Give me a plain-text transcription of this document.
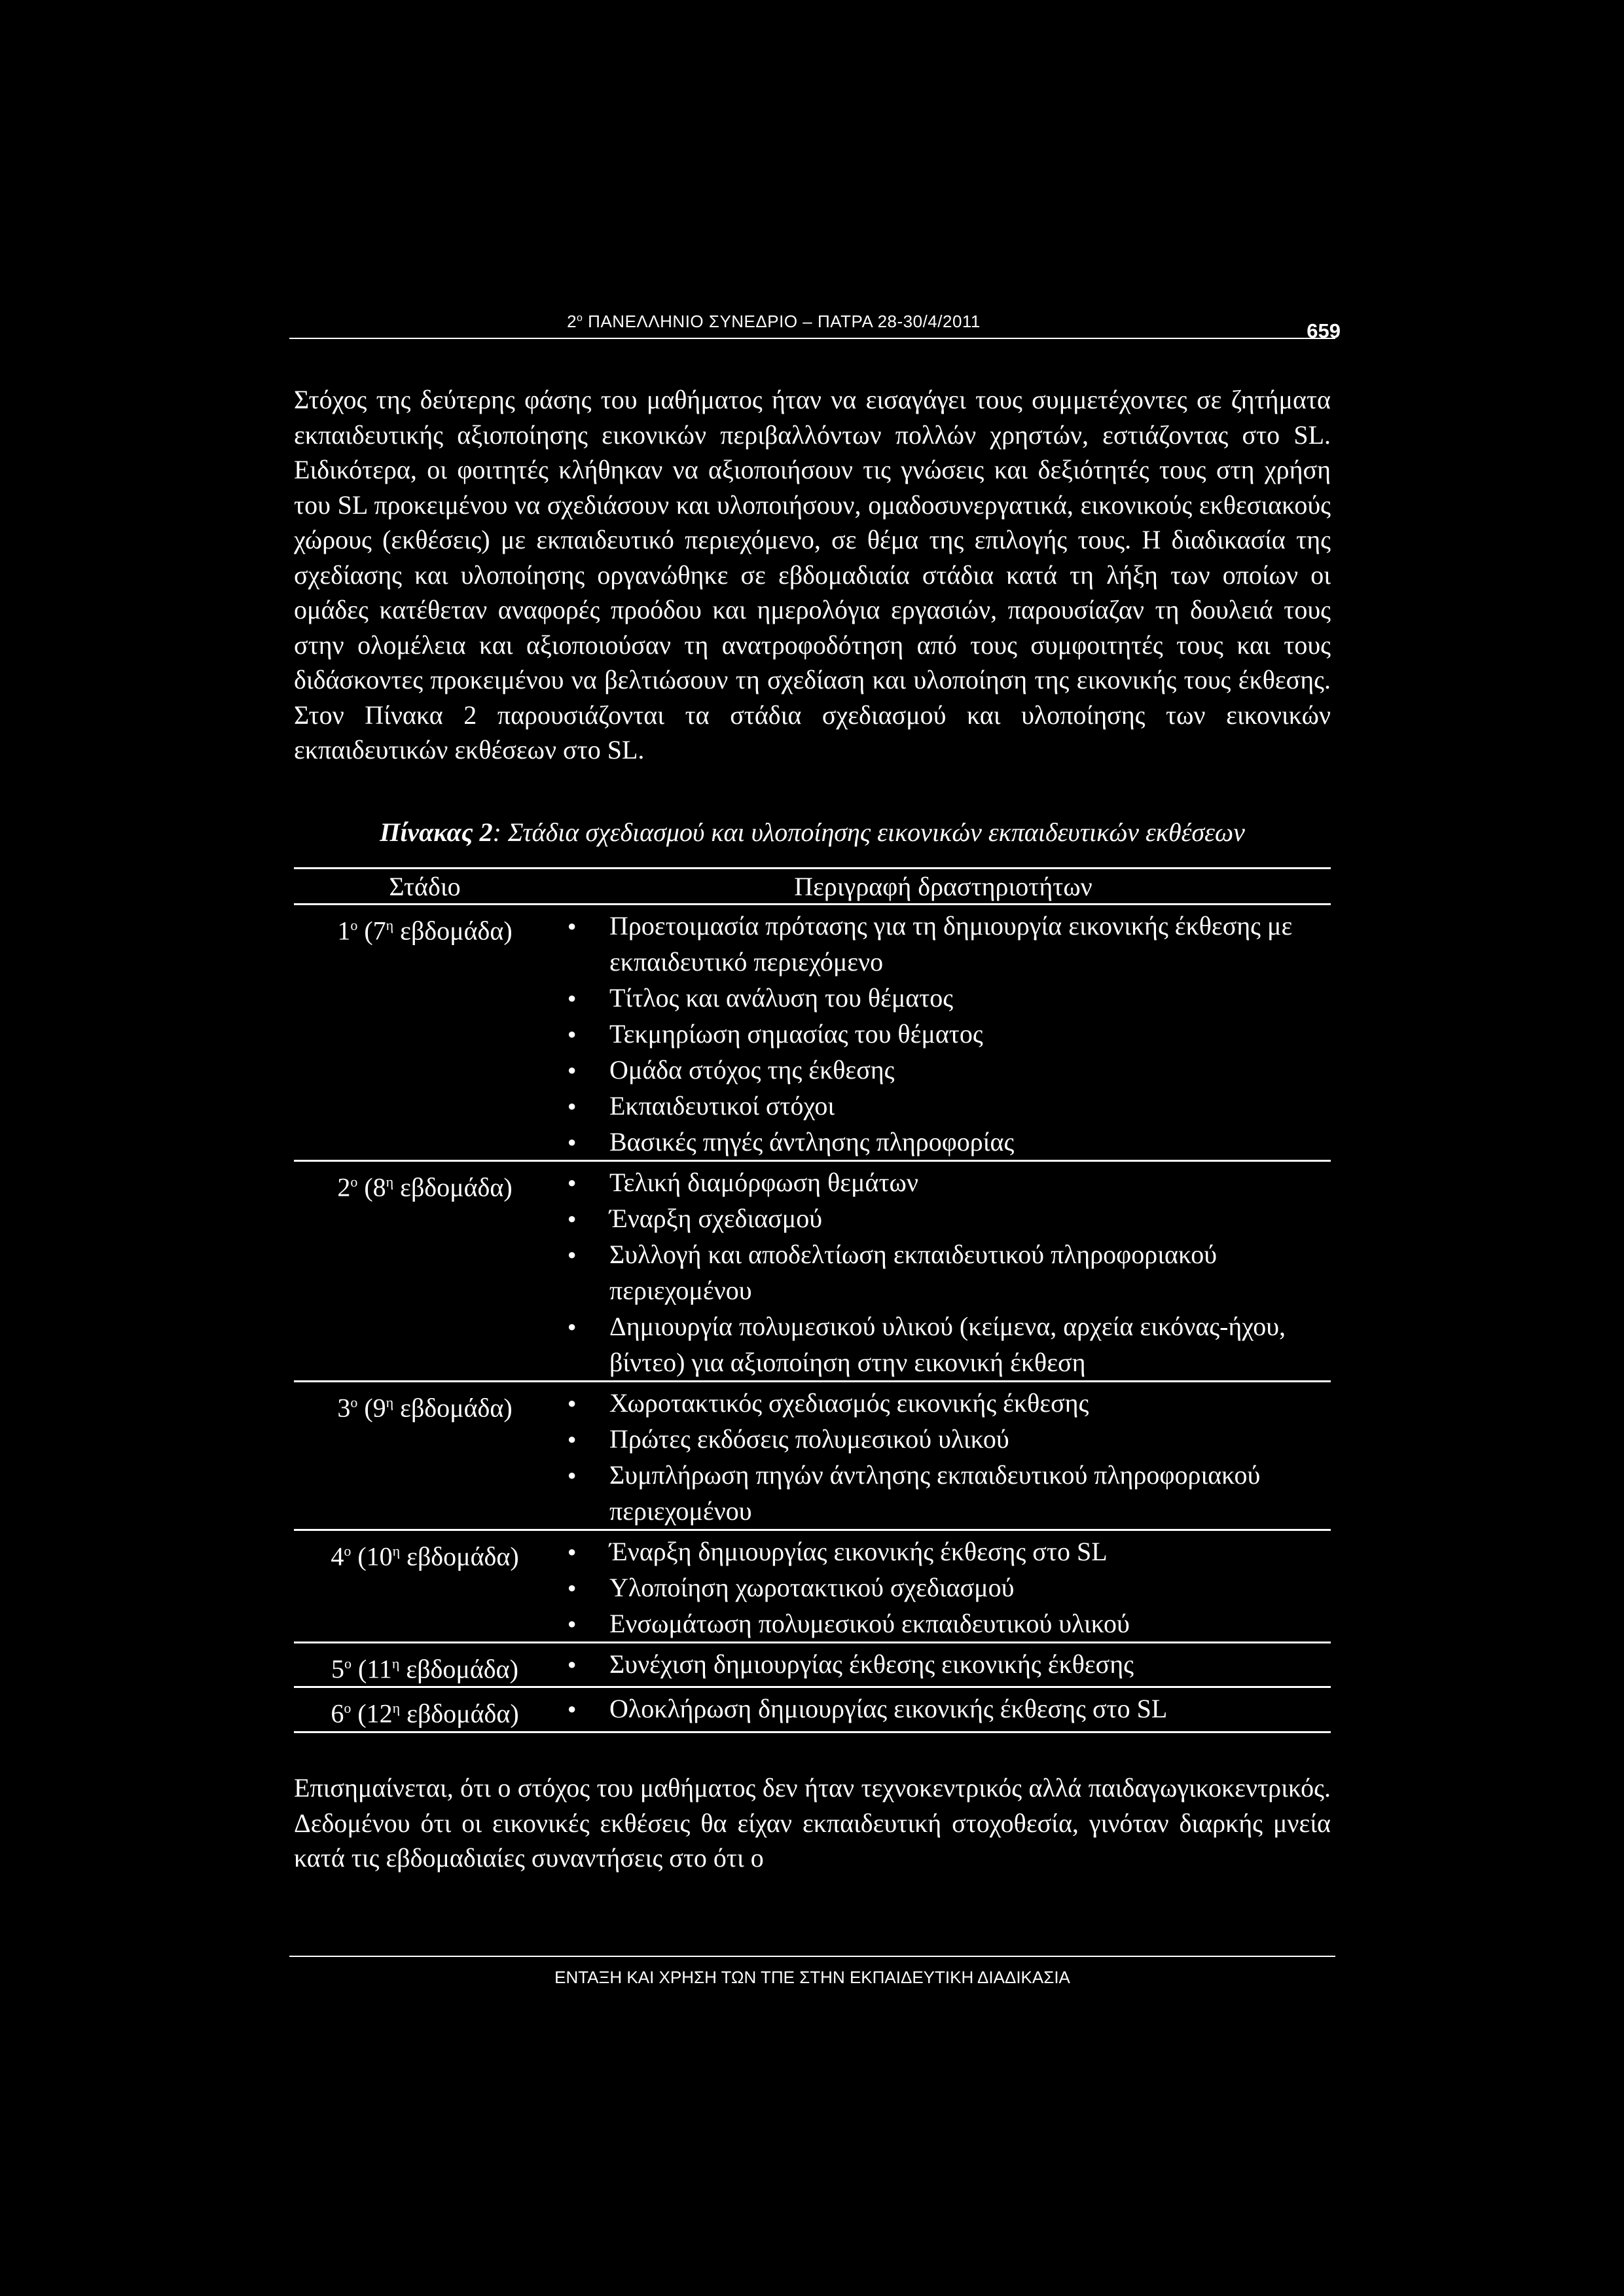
$2^o$ ΠΑΝΕΛΛΗΝΙΟ ΣΥΝΕΔΡΙΟ – ΠΑΤΡΑ 28-30/4/2011	659

Στόχος της δεύτερης φάσης του μαθήματος ήταν να εισαγάγει τους συμμετέχοντες σε ζητήματα εκπαιδευτικής αξιοποίησης εικονικών περιβαλλόντων πολλών χρηστών, εστιάζοντας στο SL. Ειδικότερα, οι φοιτητές κλήθηκαν να αξιοποιήσουν τις γνώσεις και δεξιότητές τους στη χρήση του SL προκειμένου να σχεδιάσουν και υλοποιήσουν, ομαδοσυνεργατικά, εικονικούς εκθεσιακούς χώρους (εκθέσεις) με εκπαιδευτικό περιεχόμενο, σε θέμα της επιλογής τους. Η διαδικασία της σχεδίασης και υλοποίησης οργανώθηκε σε εβδομαδιαία στάδια κατά τη λήξη των οποίων οι ομάδες κατέθεταν αναφορές προόδου και ημερολόγια εργασιών, παρουσίαζαν τη δουλειά τους στην ολομέλεια και αξιοποιούσαν τη ανατροφοδότηση από τους συμφοιτητές τους και τους διδάσκοντες προκειμένου να βελτιώσουν τη σχεδίαση και υλοποίηση της εικονικής τους έκθεσης. Στον Πίνακα 2 παρουσιάζονται τα στάδια σχεδιασμού και υλοποίησης των εικονικών εκπαιδευτικών εκθέσεων στο SL.

Πίνακας 2: Στάδια σχεδιασμού και υλοποίησης εικονικών εκπαιδευτικών εκθέσεων
Στάδιο	Περιγραφή δραστηριοτήτων
$1^o$ ($7^\eta$ εβδομάδα)	● Προετοιμασία πρότασης για τη δημιουργία εικονικής έκθεσης με εκπαιδευτικό περιεχόμενο
● Τίτλος και ανάλυση του θέματος
● Τεκμηρίωση σημασίας του θέματος
● Ομάδα στόχος της έκθεσης
● Εκπαιδευτικοί στόχοι
● Βασικές πηγές άντλησης πληροφορίας
$2^o$ ($8^\eta$ εβδομάδα)	● Τελική διαμόρφωση θεμάτων
● Έναρξη σχεδιασμού
● Συλλογή και αποδελτίωση εκπαιδευτικού πληροφοριακού περιεχομένου
● Δημιουργία πολυμεσικού υλικού (κείμενα, αρχεία εικόνας-ήχου, βίντεο) για αξιοποίηση στην εικονική έκθεση
$3^o$ ($9^\eta$ εβδομάδα)	● Χωροτακτικός σχεδιασμός εικονικής έκθεσης
● Πρώτες εκδόσεις πολυμεσικού υλικού
● Συμπλήρωση πηγών άντλησης εκπαιδευτικού πληροφοριακού περιεχομένου
$4^o$ ($10^\eta$ εβδομάδα)	● Έναρξη δημιουργίας εικονικής έκθεσης στο SL
● Υλοποίηση χωροτακτικού σχεδιασμού
● Ενσωμάτωση πολυμεσικού εκπαιδευτικού υλικού
$5^o$ ($11^\eta$ εβδομάδα)	● Συνέχιση δημιουργίας έκθεσης εικονικής έκθεσης
$6^o$ ($12^\eta$ εβδομάδα)	● Ολοκλήρωση δημιουργίας εικονικής έκθεσης στο SL

Επισημαίνεται, ότι ο στόχος του μαθήματος δεν ήταν τεχνοκεντρικός αλλά παιδαγωγικοκεντρικός. Δεδομένου ότι οι εικονικές εκθέσεις θα είχαν εκπαιδευτική στοχοθεσία, γινόταν διαρκής μνεία κατά τις εβδομαδιαίες συναντήσεις στο ότι ο

ΕΝΤΑΞΗ ΚΑΙ ΧΡΗΣΗ ΤΩΝ ΤΠΕ ΣΤΗΝ ΕΚΠΑΙΔΕΥΤΙΚΗ ΔΙΑΔΙΚΑΣΙΑ
